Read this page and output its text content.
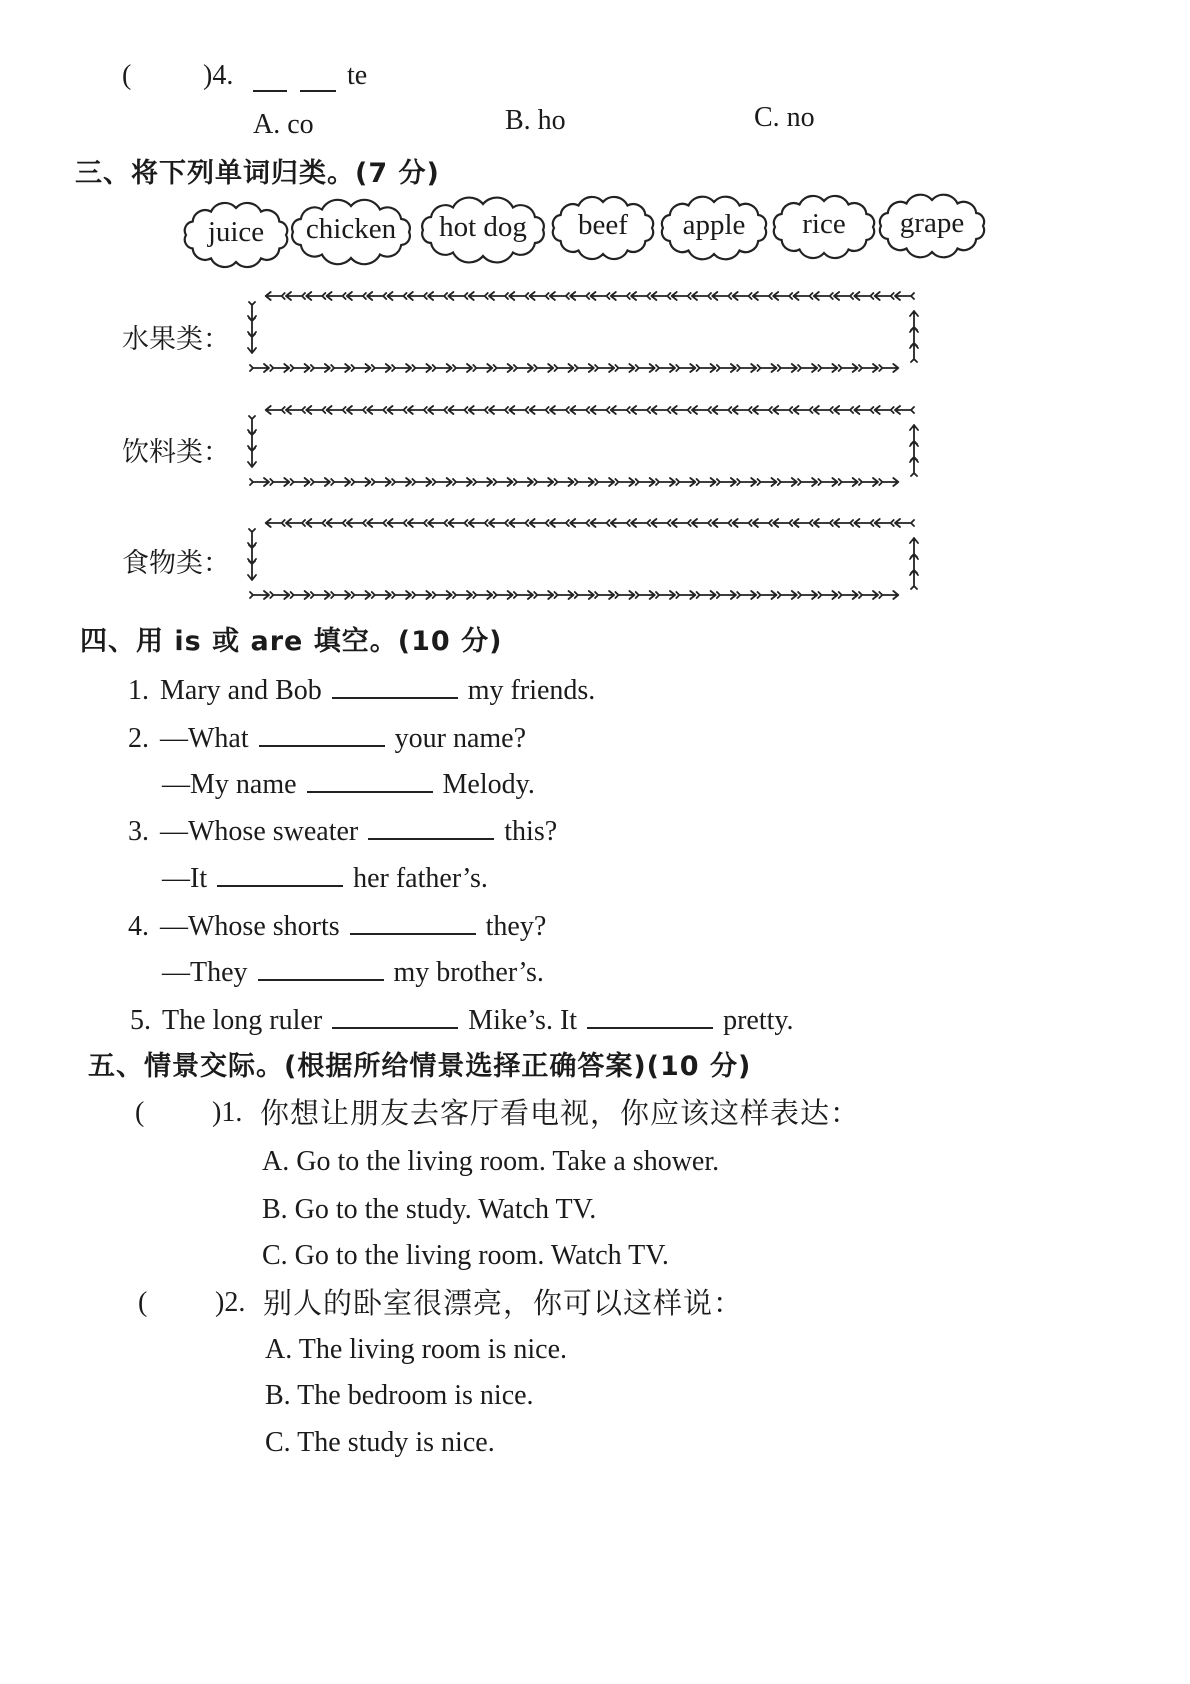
(	)4.	te
A. co	B. ho	C. no
三、将下列单词归类。(7 分)
juice chicken hot dog beef apple rice grape
水果类：
饮料类：
食物类：
四、用 is 或 are 填空。(10 分)
1. Mary and Bob	my friends.
2. —What	your name?
—My name	Melody.
3. —Whose sweater	this?
—It	her father’s.
4. —Whose shorts	they?
—They	my brother’s.
5. The long ruler	Mike’s. It	pretty.
五、情景交际。(根据所给情景选择正确答案)(10 分)
( )1. 你想让朋友去客厅看电视，你应该这样表达：
A. Go to the living room. Take a shower.
B. Go to the study. Watch TV.
C. Go to the living room. Watch TV.
( )2. 别人的卧室很漂亮，你可以这样说：
A. The living room is nice.
B. The bedroom is nice.
C. The study is nice.
